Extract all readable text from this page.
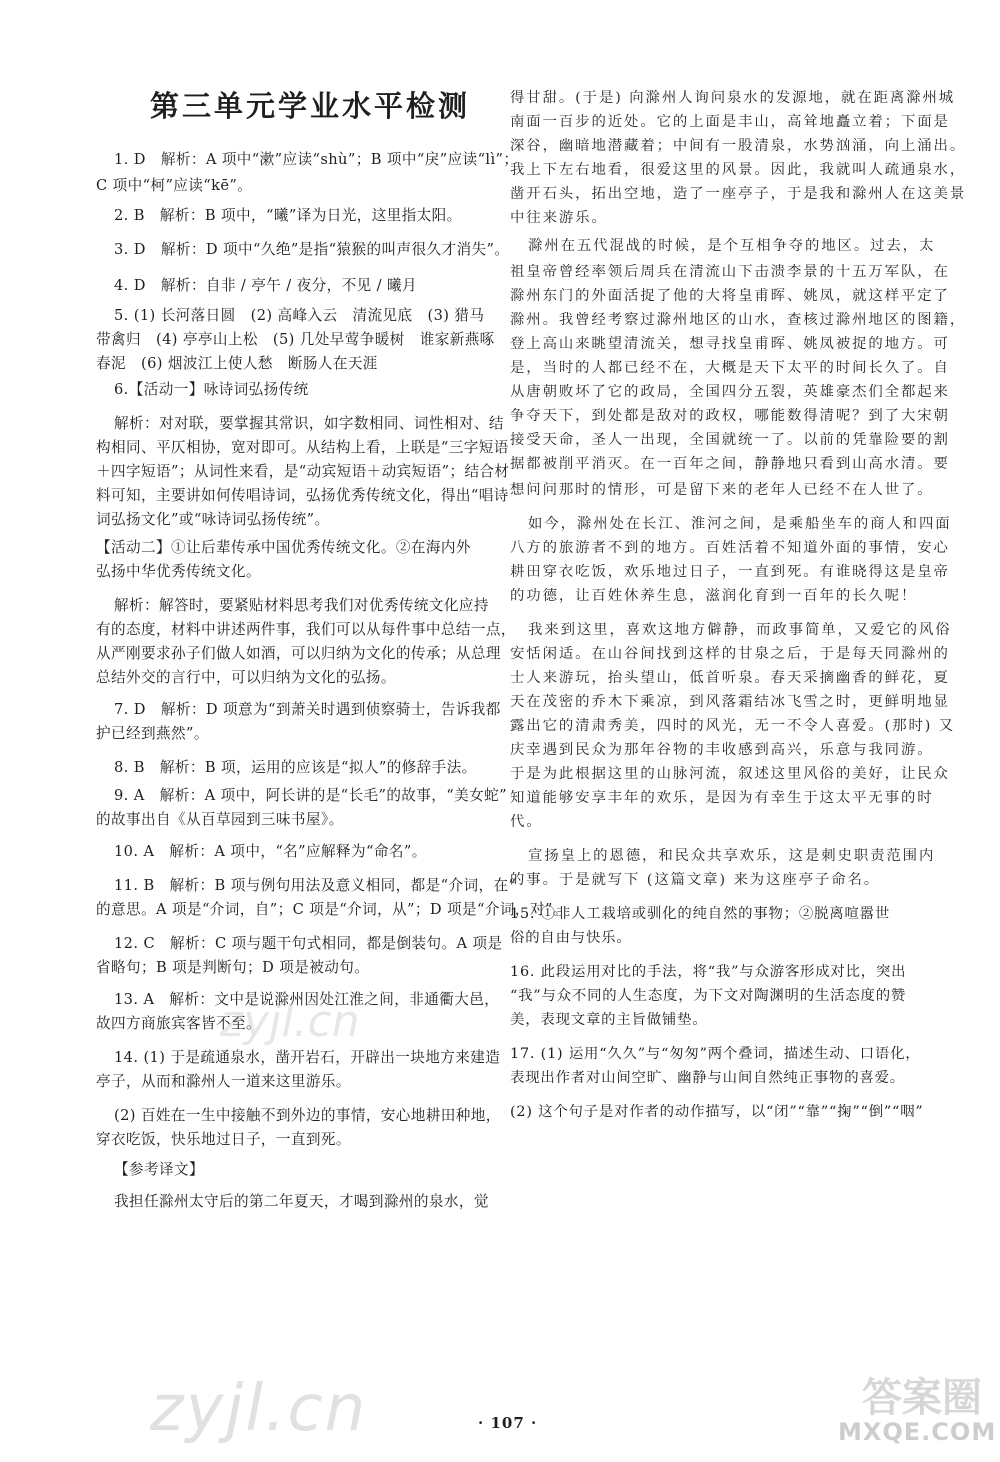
第三单元学业水平检测
1. D　解析：A 项中“漱”应读“shù”；B 项中“戾”应读“lì”；
C 项中“柯”应读“kē”。
2. B　解析：B 项中，“曦”译为日光，这里指太阳。
3. D　解析：D 项中“久绝”是指“猿猴的叫声很久才消失”。
4. D　解析：自非 / 亭午 / 夜分，不见 / 曦月
5. (1) 长河落日圆　(2) 高峰入云　清流见底　(3) 猎马
带禽归　(4) 亭亭山上松　(5) 几处早莺争暖树　谁家新燕啄
春泥　(6) 烟波江上使人愁　断肠人在天涯
6.【活动一】咏诗词弘扬传统
解析：对对联，要掌握其常识，如字数相同、词性相对、结
构相同、平仄相协，宽对即可。从结构上看，上联是“三字短语
＋四字短语”；从词性来看，是“动宾短语＋动宾短语”；结合材
料可知，主要讲如何传唱诗词，弘扬优秀传统文化，得出“唱诗
词弘扬文化”或“咏诗词弘扬传统”。
【活动二】①让后辈传承中国优秀传统文化。②在海内外
弘扬中华优秀传统文化。
解析：解答时，要紧贴材料思考我们对优秀传统文化应持
有的态度，材料中讲述两件事，我们可以从每件事中总结一点，
从严刚要求孙子们做人如酒，可以归纳为文化的传承；从总理
总结外交的言行中，可以归纳为文化的弘扬。
7. D　解析：D 项意为“到萧关时遇到侦察骑士，告诉我都
护已经到燕然”。
8. B　解析：B 项，运用的应该是“拟人”的修辞手法。
9. A　解析：A 项中，阿长讲的是“长毛”的故事，“美女蛇”
的故事出自《从百草园到三味书屋》。
10. A　解析：A 项中，“名”应解释为“命名”。
11. B　解析：B 项与例句用法及意义相同，都是“介词，在”
的意思。A 项是“介词，自”；C 项是“介词，从”；D 项是“介词，对”。
12. C　解析：C 项与题干句式相同，都是倒装句。A 项是
省略句；B 项是判断句；D 项是被动句。
13. A　解析：文中是说滁州因处江淮之间，非通衢大邑，
故四方商旅宾客皆不至。
14. (1) 于是疏通泉水，凿开岩石，开辟出一块地方来建造
亭子，从而和滁州人一道来这里游乐。
(2) 百姓在一生中接触不到外边的事情，安心地耕田种地，
穿衣吃饭，快乐地过日子，一直到死。
【参考译文】
我担任滁州太守后的第二年夏天，才喝到滁州的泉水，觉
得甘甜。(于是) 向滁州人询问泉水的发源地，就在距离滁州城
南面一百步的近处。它的上面是丰山，高耸地矗立着；下面是
深谷，幽暗地潜藏着；中间有一股清泉，水势汹涌，向上涌出。
我上下左右地看，很爱这里的风景。因此，我就叫人疏通泉水，
凿开石头，拓出空地，造了一座亭子，于是我和滁州人在这美景
中往来游乐。
滁州在五代混战的时候，是个互相争夺的地区。过去，太
祖皇帝曾经率领后周兵在清流山下击溃李景的十五万军队，在
滁州东门的外面活捉了他的大将皇甫晖、姚凤，就这样平定了
滁州。我曾经考察过滁州地区的山水，查核过滁州地区的图籍，
登上高山来眺望清流关，想寻找皇甫晖、姚凤被捉的地方。可
是，当时的人都已经不在，大概是天下太平的时间长久了。自
从唐朝败坏了它的政局，全国四分五裂，英雄豪杰们全都起来
争夺天下，到处都是敌对的政权，哪能数得清呢？到了大宋朝
接受天命，圣人一出现，全国就统一了。以前的凭靠险要的割
据都被削平消灭。在一百年之间，静静地只看到山高水清。要
想问问那时的情形，可是留下来的老年人已经不在人世了。
如今，滁州处在长江、淮河之间，是乘船坐车的商人和四面
八方的旅游者不到的地方。百姓活着不知道外面的事情，安心
耕田穿衣吃饭，欢乐地过日子，一直到死。有谁晓得这是皇帝
的功德，让百姓休养生息，滋润化育到一百年的长久呢！
我来到这里，喜欢这地方僻静，而政事简单，又爱它的风俗
安恬闲适。在山谷间找到这样的甘泉之后，于是每天同滁州的
士人来游玩，抬头望山，低首听泉。春天采摘幽香的鲜花，夏
天在茂密的乔木下乘凉，到风落霜结冰飞雪之时，更鲜明地显
露出它的清肃秀美，四时的风光，无一不令人喜爱。(那时) 又
庆幸遇到民众为那年谷物的丰收感到高兴，乐意与我同游。
于是为此根据这里的山脉河流，叙述这里风俗的美好，让民众
知道能够安享丰年的欢乐，是因为有幸生于这太平无事的时
代。
宣扬皇上的恩德，和民众共享欢乐，这是刺史职责范围内
的事。于是就写下 (这篇文章) 来为这座亭子命名。
15. ①非人工栽培或驯化的纯自然的事物；②脱离喧嚣世
俗的自由与快乐。
16. 此段运用对比的手法，将“我”与众游客形成对比，突出
“我”与众不同的人生态度，为下文对陶渊明的生活态度的赞
美，表现文章的主旨做铺垫。
17. (1) 运用“久久”与“匆匆”两个叠词，描述生动、口语化，
表现出作者对山间空旷、幽静与山间自然纯正事物的喜爱。
(2) 这个句子是对作者的动作描写，以“闭”“靠”“掬”“倒”“咽”
· 107 ·
zyjl.cn
zyjl.cn	答案圈
MXQE.COM
